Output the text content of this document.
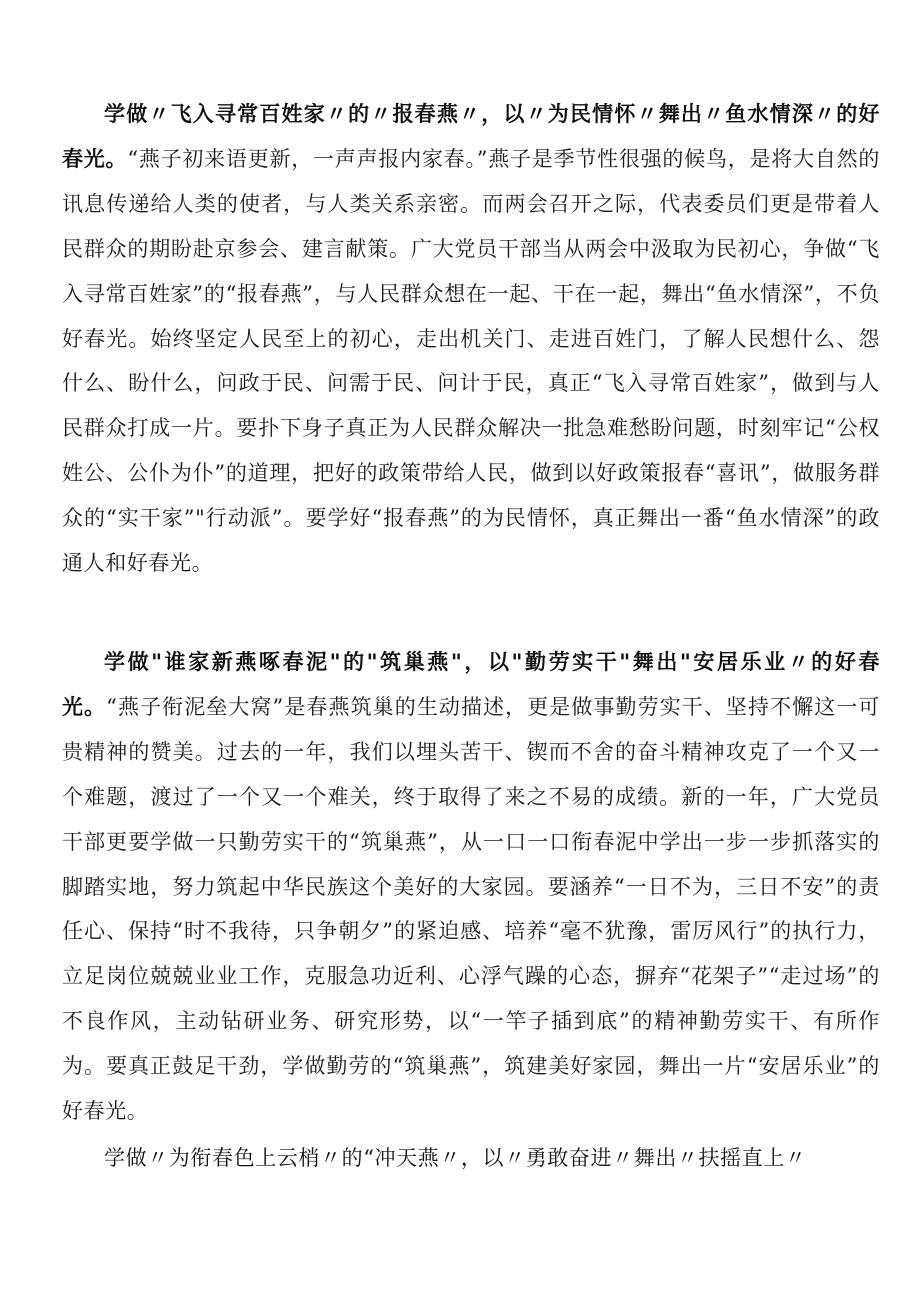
学做〃飞入寻常百姓家〃的〃报春燕〃，以〃为民情怀〃舞出〃鱼水情深〃的好春光。“燕子初来语更新，一声声报内家春。”燕子是季节性很强的候鸟，是将大自然的讯息传递给人类的使者，与人类关系亲密。而两会召开之际，代表委员们更是带着人民群众的期盼赴京参会、建言献策。广大党员干部当从两会中汲取为民初心，争做“飞入寻常百姓家”的“报春燕”，与人民群众想在一起、干在一起，舞出“鱼水情深”，不负好春光。始终坚定人民至上的初心，走出机关门、走进百姓门，了解人民想什么、怨什么、盼什么，问政于民、问需于民、问计于民，真正“飞入寻常百姓家”，做到与人民群众打成一片。要扑下身子真正为人民群众解决一批急难愁盼问题，时刻牢记“公权姓公、公仆为仆”的道理，把好的政策带给人民，做到以好政策报春“喜讯”，做服务群众的“实干家”"行动派”。要学好“报春燕”的为民情怀，真正舞出一番“鱼水情深”的政通人和好春光。

学做"谁家新燕啄春泥"的"筑巢燕"，以"勤劳实干"舞出"安居乐业〃的好春光。“燕子衔泥垒大窝”是春燕筑巢的生动描述，更是做事勤劳实干、坚持不懈这一可贵精神的赞美。过去的一年，我们以埋头苦干、锲而不舍的奋斗精神攻克了一个又一个难题，渡过了一个又一个难关，终于取得了来之不易的成绩。新的一年，广大党员干部更要学做一只勤劳实干的“筑巢燕”，从一口一口衔春泥中学出一步一步抓落实的脚踏实地，努力筑起中华民族这个美好的大家园。要涵养“一日不为，三日不安”的责任心、保持“时不我待，只争朝夕”的紧迫感、培养“毫不犹豫，雷厉风行”的执行力，立足岗位兢兢业业工作，克服急功近利、心浮气躁的心态，摒弃“花架子”“走过场”的不良作风，主动钻研业务、研究形势，以“一竿子插到底”的精神勤劳实干、有所作为。要真正鼓足干劲，学做勤劳的“筑巢燕”，筑建美好家园，舞出一片“安居乐业”的好春光。

学做〃为衔春色上云梢〃的“冲天燕〃，以〃勇敢奋进〃舞出〃扶摇直上〃
